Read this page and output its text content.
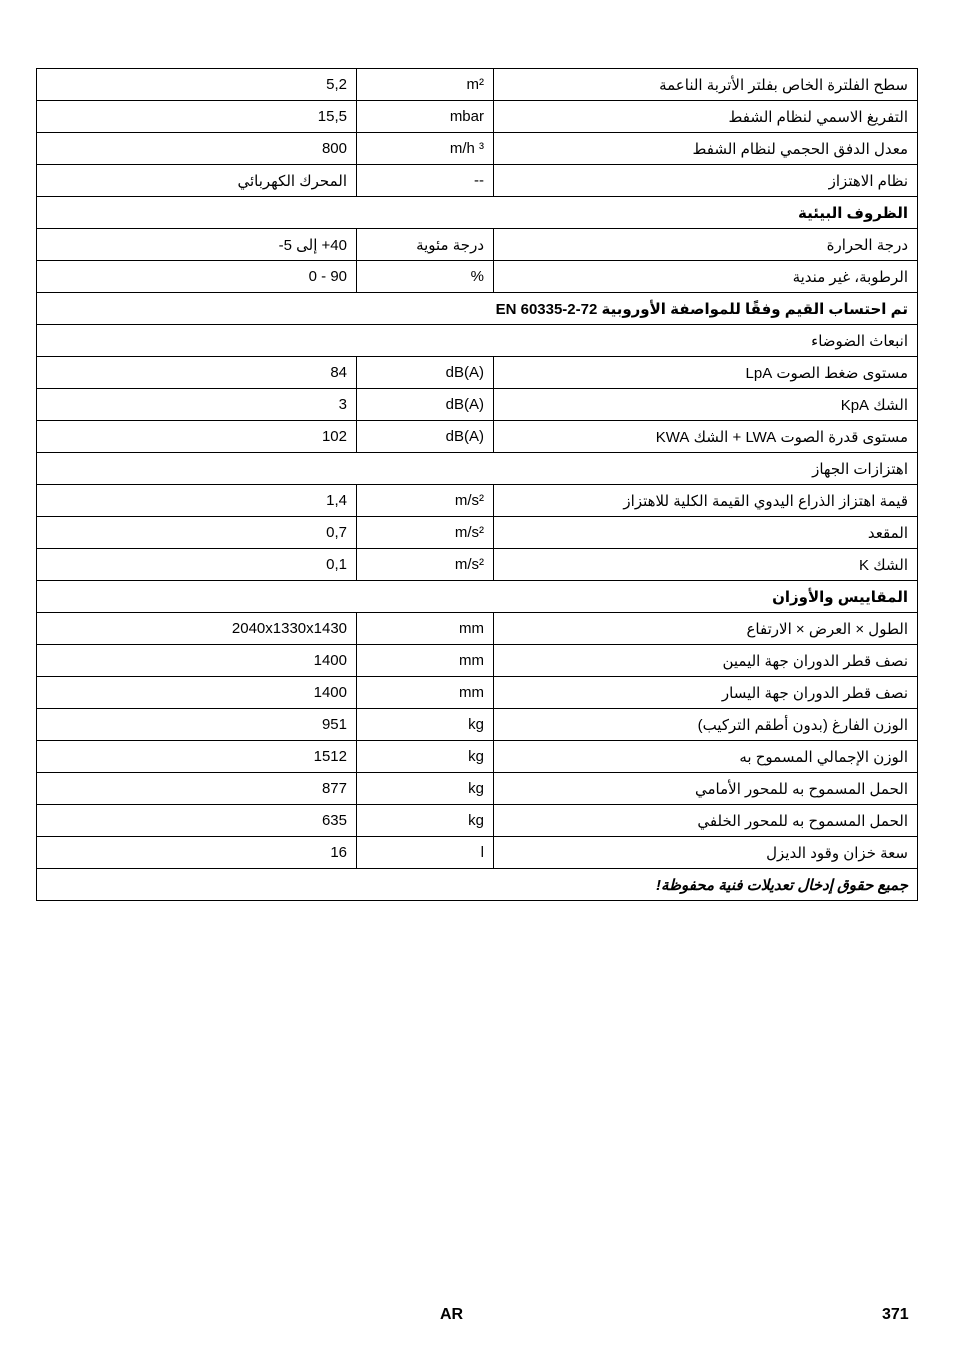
5,2	m²	سطح الفلترة الخاص بفلتر الأتربة الناعمة
15,5	mbar	التفريغ الاسمي لنظام الشفط
800	m/h ³	معدل الدفق الحجمي لنظام الشفط
المحرك الكهربائي	--	نظام الاهتزاز
الظروف البيئية		
‎-5 إلى ‎+40	درجة مئوية	درجة الحرارة
0 - 90	%	الرطوبة، غير مندية
تم احتساب القيم وفقًا للمواصفة الأوروبية EN 60335-2-72		
انبعاث الضوضاء		
84	dB(A)	مستوى ضغط الصوت LpA
3	dB(A)	الشك KpA
102	dB(A)	مستوى قدرة الصوت LWA + الشك KWA
اهتزازات الجهاز		
1,4	m/s²	قيمة اهتزاز الذراع اليدوي القيمة الكلية للاهتزاز
0,7	m/s²	المقعد
0,1	m/s²	الشك K
المقاييس والأوزان		
2040x1330x1430	mm	الطول × العرض × الارتفاع
1400	mm	نصف قطر الدوران جهة اليمين
1400	mm	نصف قطر الدوران جهة اليسار
951	kg	الوزن الفارغ (بدون أطقم التركيب)
1512	kg	الوزن الإجمالي المسموح به
877	kg	الحمل المسموح به للمحور الأمامي
635	kg	الحمل المسموح به للمحور الخلفي
16	l	سعة خزان وقود الديزل
جميع حقوق إدخال تعديلات فنية محفوظة!		
AR	371
